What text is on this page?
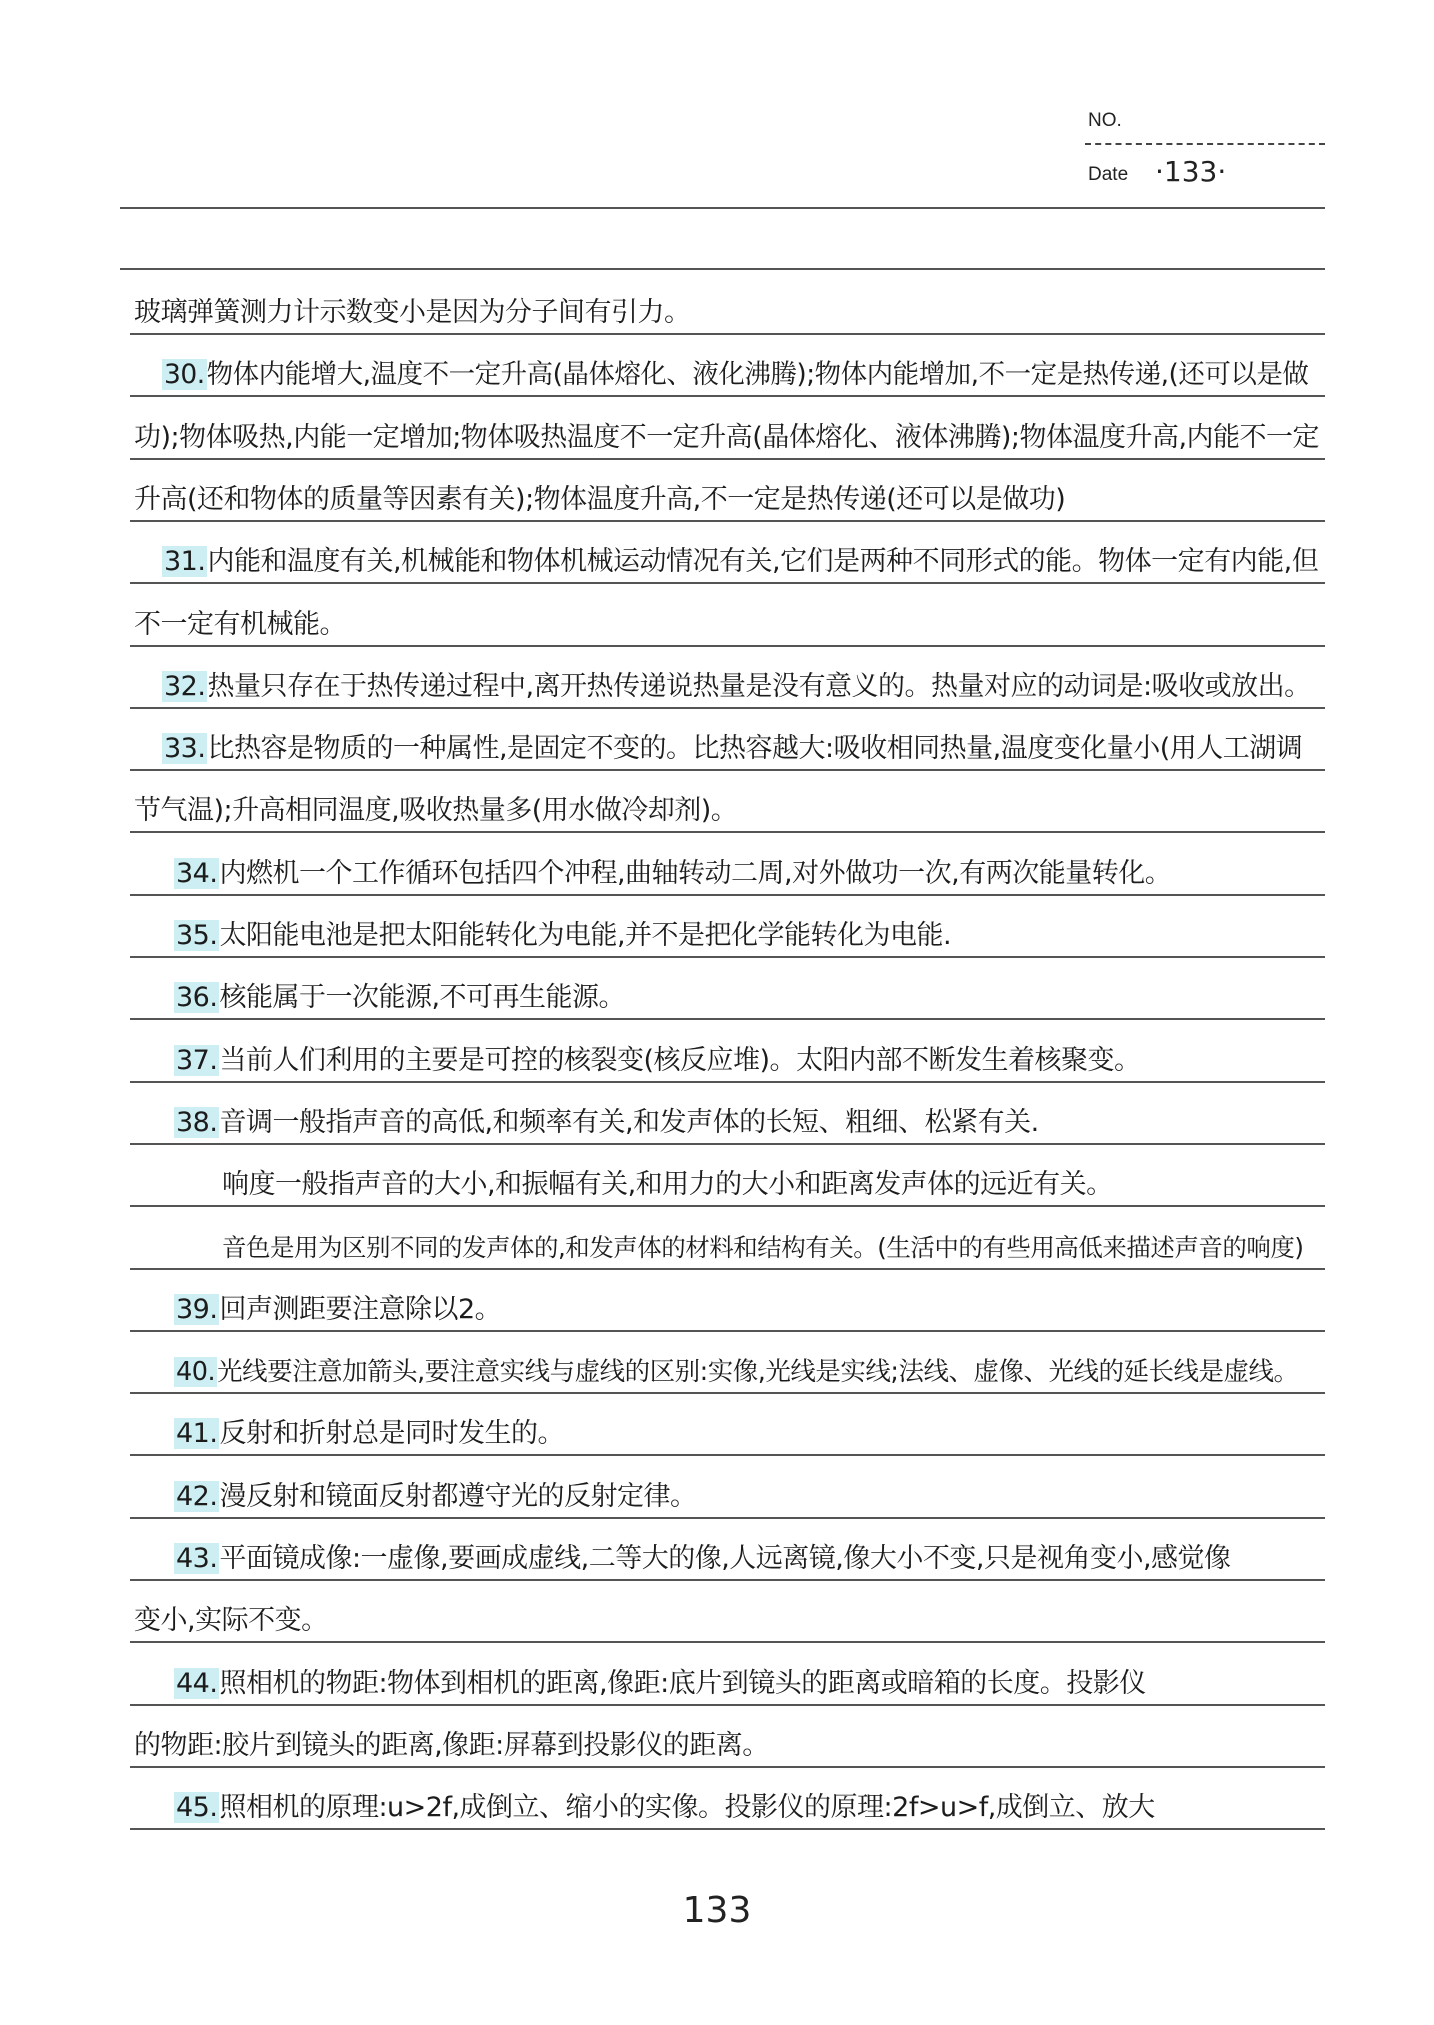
NO.
Date ·133·
玻璃弹簧测力计示数变小是因为分子间有引力。
30.物体内能增大,温度不一定升高(晶体熔化、液化沸腾);物体内能增加,不一定是热传递,(还可以是做
功);物体吸热,内能一定增加;物体吸热温度不一定升高(晶体熔化、液体沸腾);物体温度升高,内能不一定
升高(还和物体的质量等因素有关);物体温度升高,不一定是热传递(还可以是做功)
31.内能和温度有关,机械能和物体机械运动情况有关,它们是两种不同形式的能。物体一定有内能,但
不一定有机械能。
32.热量只存在于热传递过程中,离开热传递说热量是没有意义的。热量对应的动词是:吸收或放出。
33.比热容是物质的一种属性,是固定不变的。比热容越大:吸收相同热量,温度变化量小(用人工湖调
节气温);升高相同温度,吸收热量多(用水做冷却剂)。
34.内燃机一个工作循环包括四个冲程,曲轴转动二周,对外做功一次,有两次能量转化。
35.太阳能电池是把太阳能转化为电能,并不是把化学能转化为电能.
36.核能属于一次能源,不可再生能源。
37.当前人们利用的主要是可控的核裂变(核反应堆)。太阳内部不断发生着核聚变。
38.音调一般指声音的高低,和频率有关,和发声体的长短、粗细、松紧有关.
响度一般指声音的大小,和振幅有关,和用力的大小和距离发声体的远近有关。
音色是用为区别不同的发声体的,和发声体的材料和结构有关。(生活中的有些用高低来描述声音的响度)
39.回声测距要注意除以2。
40.光线要注意加箭头,要注意实线与虚线的区别:实像,光线是实线;法线、虚像、光线的延长线是虚线。
41.反射和折射总是同时发生的。
42.漫反射和镜面反射都遵守光的反射定律。
43.平面镜成像:一虚像,要画成虚线,二等大的像,人远离镜,像大小不变,只是视角变小,感觉像
变小,实际不变。
44.照相机的物距:物体到相机的距离,像距:底片到镜头的距离或暗箱的长度。投影仪
的物距:胶片到镜头的距离,像距:屏幕到投影仪的距离。
45.照相机的原理:u>2f,成倒立、缩小的实像。投影仪的原理:2f>u>f,成倒立、放大
133
